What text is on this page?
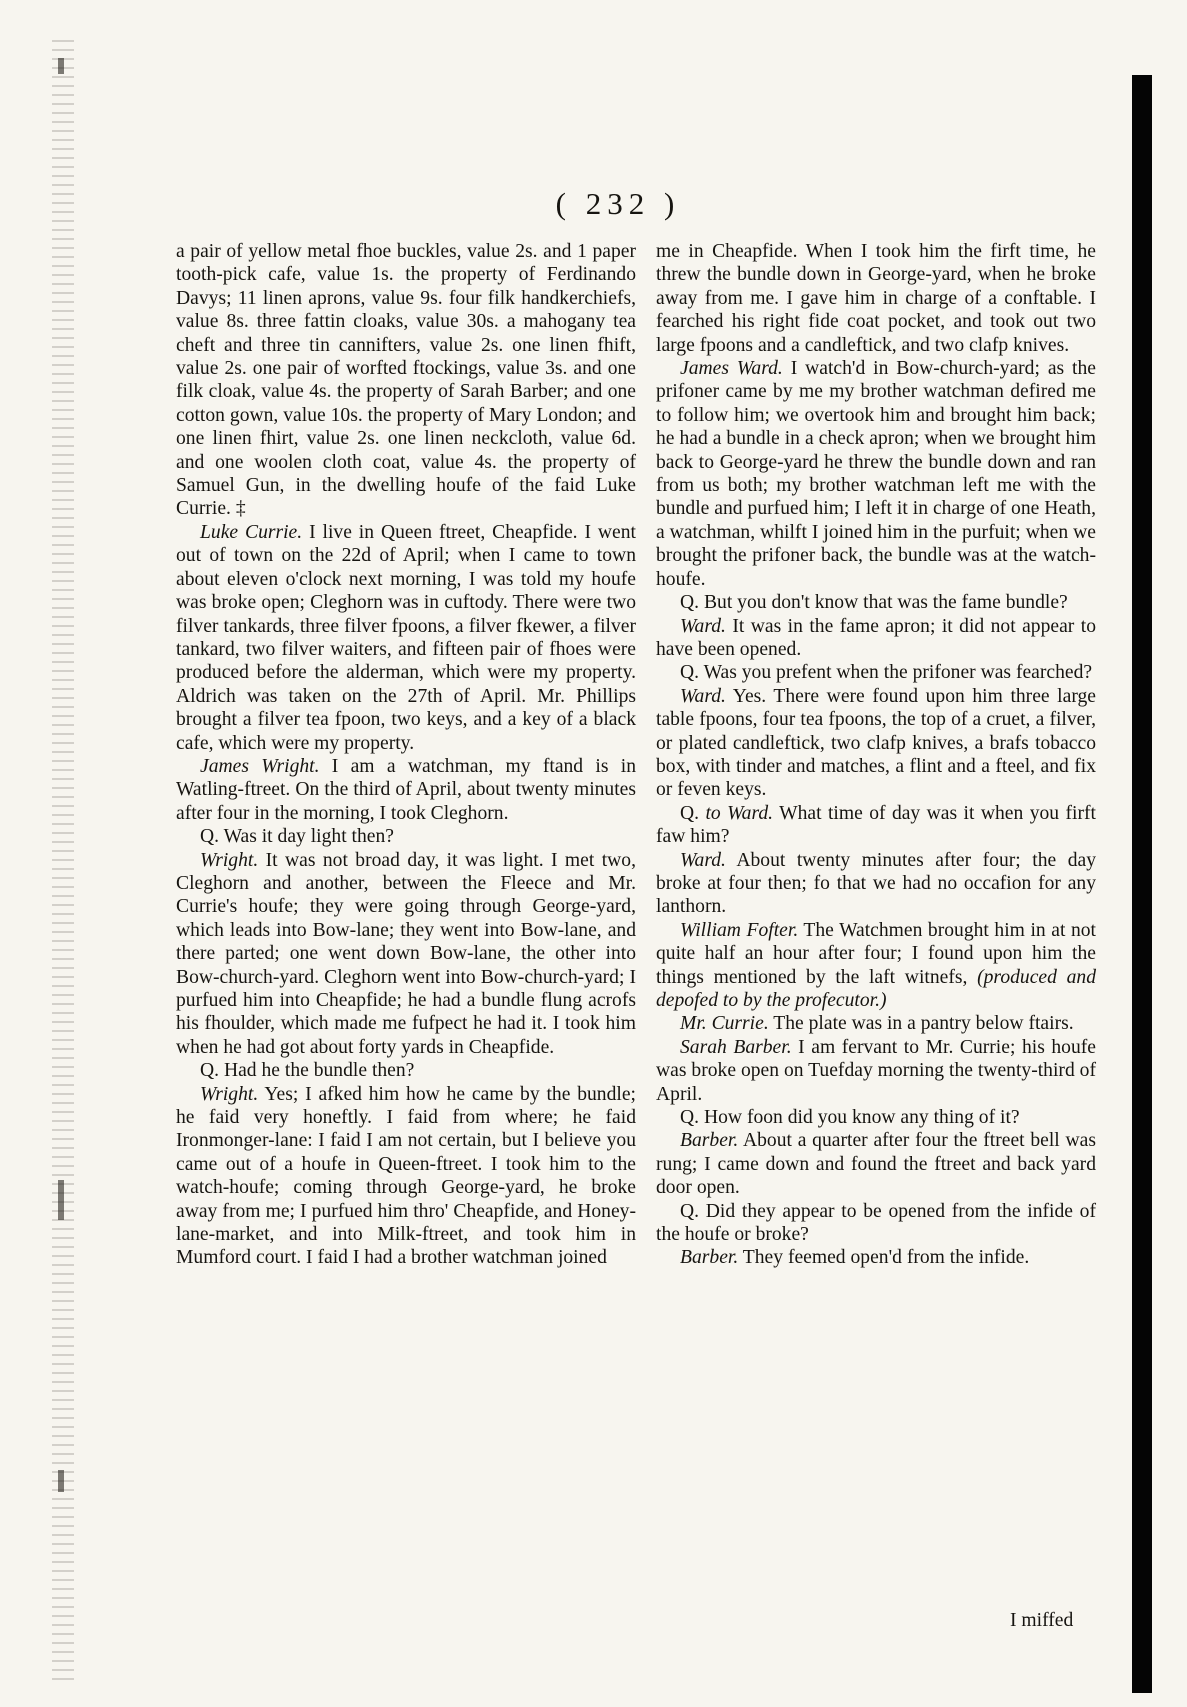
( 232 )

a pair of yellow metal fhoe buckles, value 2s. and 1 paper tooth-pick cafe, value 1s. the property of Ferdinando Davys; 11 linen aprons, value 9s. four filk handkerchiefs, value 8s. three fattin cloaks, value 30s. a mahogany tea cheft and three tin cannifters, value 2s. one linen fhift, value 2s. one pair of worfted ftockings, value 3s. and one filk cloak, value 4s. the property of Sarah Barber; and one cotton gown, value 10s. the property of Mary London; and one linen fhirt, value 2s. one linen neckcloth, value 6d. and one woolen cloth coat, value 4s. the property of Samuel Gun, in the dwelling houfe of the faid Luke Currie. ‡

Luke Currie. I live in Queen ftreet, Cheapfide. I went out of town on the 22d of April; when I came to town about eleven o'clock next morning, I was told my houfe was broke open; Cleghorn was in cuftody. There were two filver tankards, three filver fpoons, a filver fkewer, a filver tankard, two filver waiters, and fifteen pair of fhoes were produced before the alderman, which were my property. Aldrich was taken on the 27th of April. Mr. Phillips brought a filver tea fpoon, two keys, and a key of a black cafe, which were my property.

James Wright. I am a watchman, my ftand is in Watling-ftreet. On the third of April, about twenty minutes after four in the morning, I took Cleghorn.

Q. Was it day light then?

Wright. It was not broad day, it was light. I met two, Cleghorn and another, between the Fleece and Mr. Currie's houfe; they were going through George-yard, which leads into Bow-lane; they went into Bow-lane, and there parted; one went down Bow-lane, the other into Bow-church-yard. Cleghorn went into Bow-church-yard; I purfued him into Cheapfide; he had a bundle flung acrofs his fhoulder, which made me fufpect he had it. I took him when he had got about forty yards in Cheapfide.

Q. Had he the bundle then?

Wright. Yes; I afked him how he came by the bundle; he faid very honeftly. I faid from where; he faid Ironmonger-lane: I faid I am not certain, but I believe you came out of a houfe in Queen-ftreet. I took him to the watch-houfe; coming through George-yard, he broke away from me; I purfued him thro' Cheapfide, and Honey-lane-market, and into Milk-ftreet, and took him in Mumford court. I faid I had a brother watchman joined

me in Cheapfide. When I took him the firft time, he threw the bundle down in George-yard, when he broke away from me. I gave him in charge of a conftable. I fearched his right fide coat pocket, and took out two large fpoons and a candleftick, and two clafp knives.

James Ward. I watch'd in Bow-church-yard; as the prifoner came by me my brother watchman defired me to follow him; we overtook him and brought him back; he had a bundle in a check apron; when we brought him back to George-yard he threw the bundle down and ran from us both; my brother watchman left me with the bundle and purfued him; I left it in charge of one Heath, a watchman, whilft I joined him in the purfuit; when we brought the prifoner back, the bundle was at the watch-houfe.

Q. But you don't know that was the fame bundle?

Ward. It was in the fame apron; it did not appear to have been opened.

Q. Was you prefent when the prifoner was fearched?

Ward. Yes. There were found upon him three large table fpoons, four tea fpoons, the top of a cruet, a filver, or plated candleftick, two clafp knives, a brafs tobacco box, with tinder and matches, a flint and a fteel, and fix or feven keys.

Q. to Ward. What time of day was it when you firft faw him?

Ward. About twenty minutes after four; the day broke at four then; fo that we had no occafion for any lanthorn.

William Fofter. The Watchmen brought him in at not quite half an hour after four; I found upon him the things mentioned by the laft witnefs, (produced and depofed to by the profecutor.)

Mr. Currie. The plate was in a pantry below ftairs.

Sarah Barber. I am fervant to Mr. Currie; his houfe was broke open on Tuefday morning the twenty-third of April.

Q. How foon did you know any thing of it?

Barber. About a quarter after four the ftreet bell was rung; I came down and found the ftreet and back yard door open.

Q. Did they appear to be opened from the infide of the houfe or broke?

Barber. They feemed open'd from the infide.

I miffed
